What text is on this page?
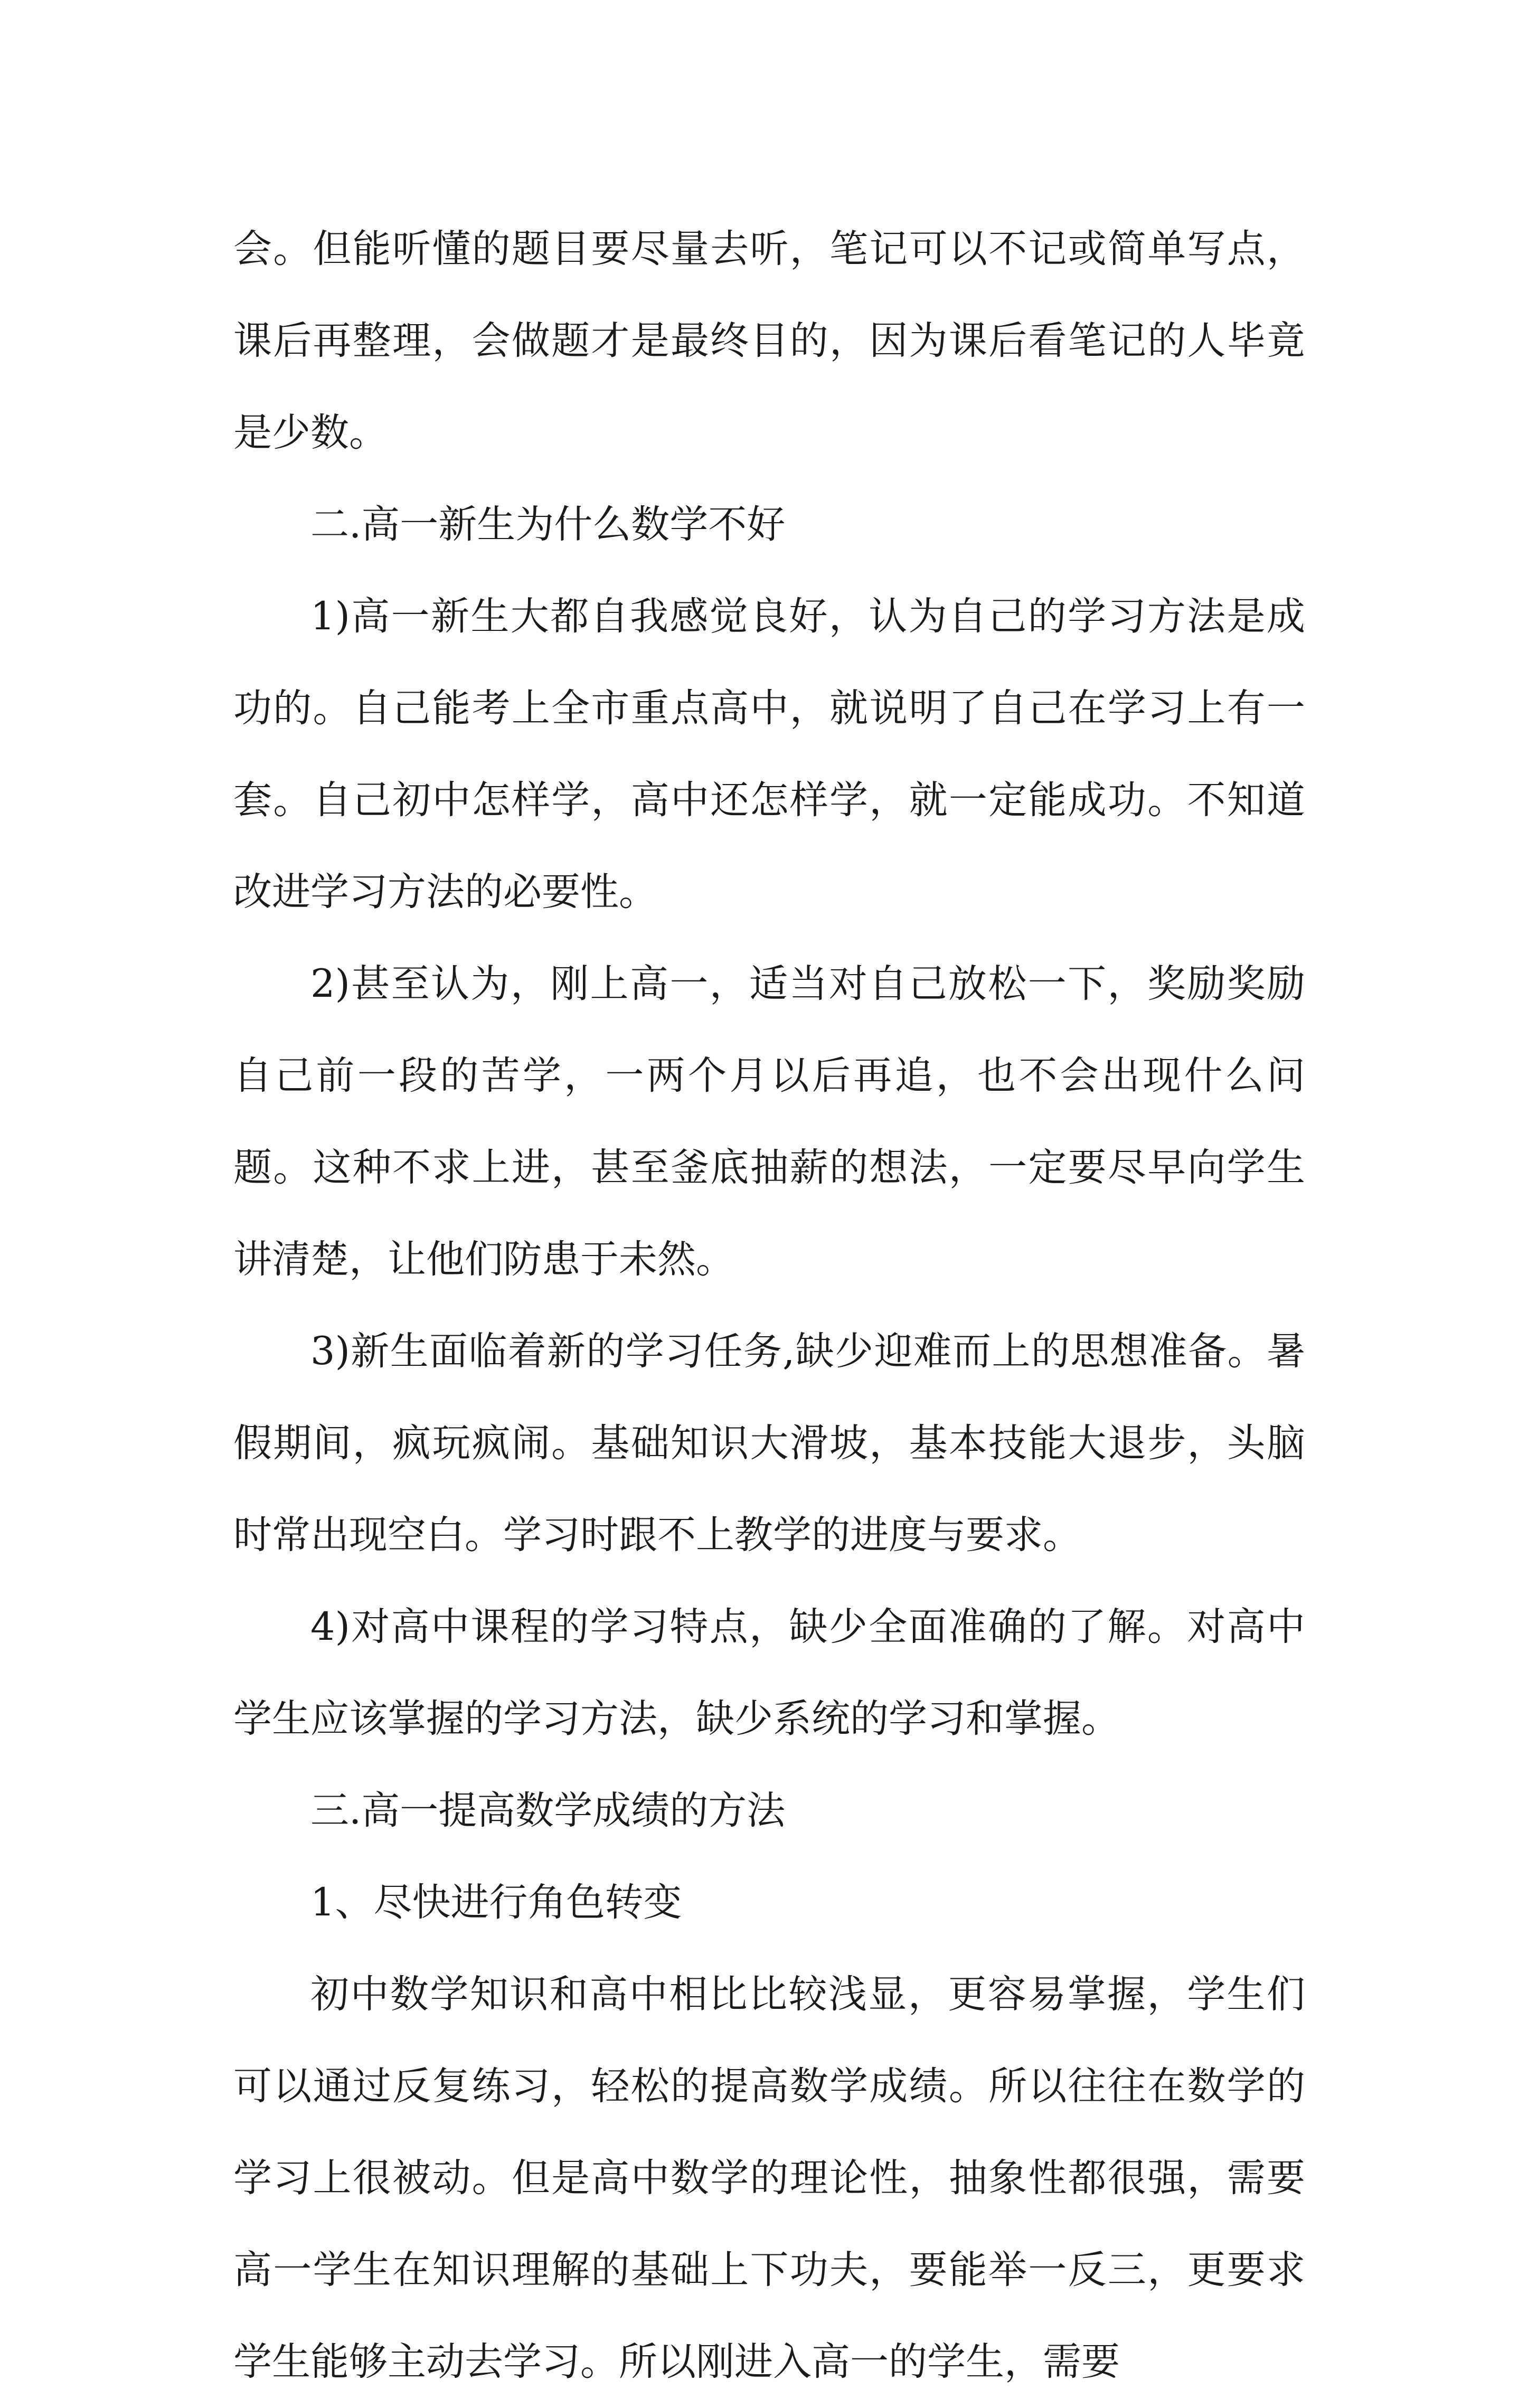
会。但能听懂的题目要尽量去听，笔记可以不记或简单写点，课后再整理，会做题才是最终目的，因为课后看笔记的人毕竟是少数。

二.高一新生为什么数学不好

1)高一新生大都自我感觉良好，认为自己的学习方法是成功的。自己能考上全市重点高中，就说明了自己在学习上有一套。自己初中怎样学，高中还怎样学，就一定能成功。不知道改进学习方法的必要性。

2)甚至认为，刚上高一，适当对自己放松一下，奖励奖励自己前一段的苦学，一两个月以后再追，也不会出现什么问题。这种不求上进，甚至釜底抽薪的想法，一定要尽早向学生讲清楚，让他们防患于未然。

3)新生面临着新的学习任务,缺少迎难而上的思想准备。暑假期间，疯玩疯闹。基础知识大滑坡，基本技能大退步，头脑时常出现空白。学习时跟不上教学的进度与要求。

4)对高中课程的学习特点，缺少全面准确的了解。对高中学生应该掌握的学习方法，缺少系统的学习和掌握。

三.高一提高数学成绩的方法

1、尽快进行角色转变

初中数学知识和高中相比比较浅显，更容易掌握，学生们可以通过反复练习，轻松的提高数学成绩。所以往往在数学的学习上很被动。但是高中数学的理论性，抽象性都很强，需要高一学生在知识理解的基础上下功夫，要能举一反三，更要求学生能够主动去学习。所以刚进入高一的学生，需要
